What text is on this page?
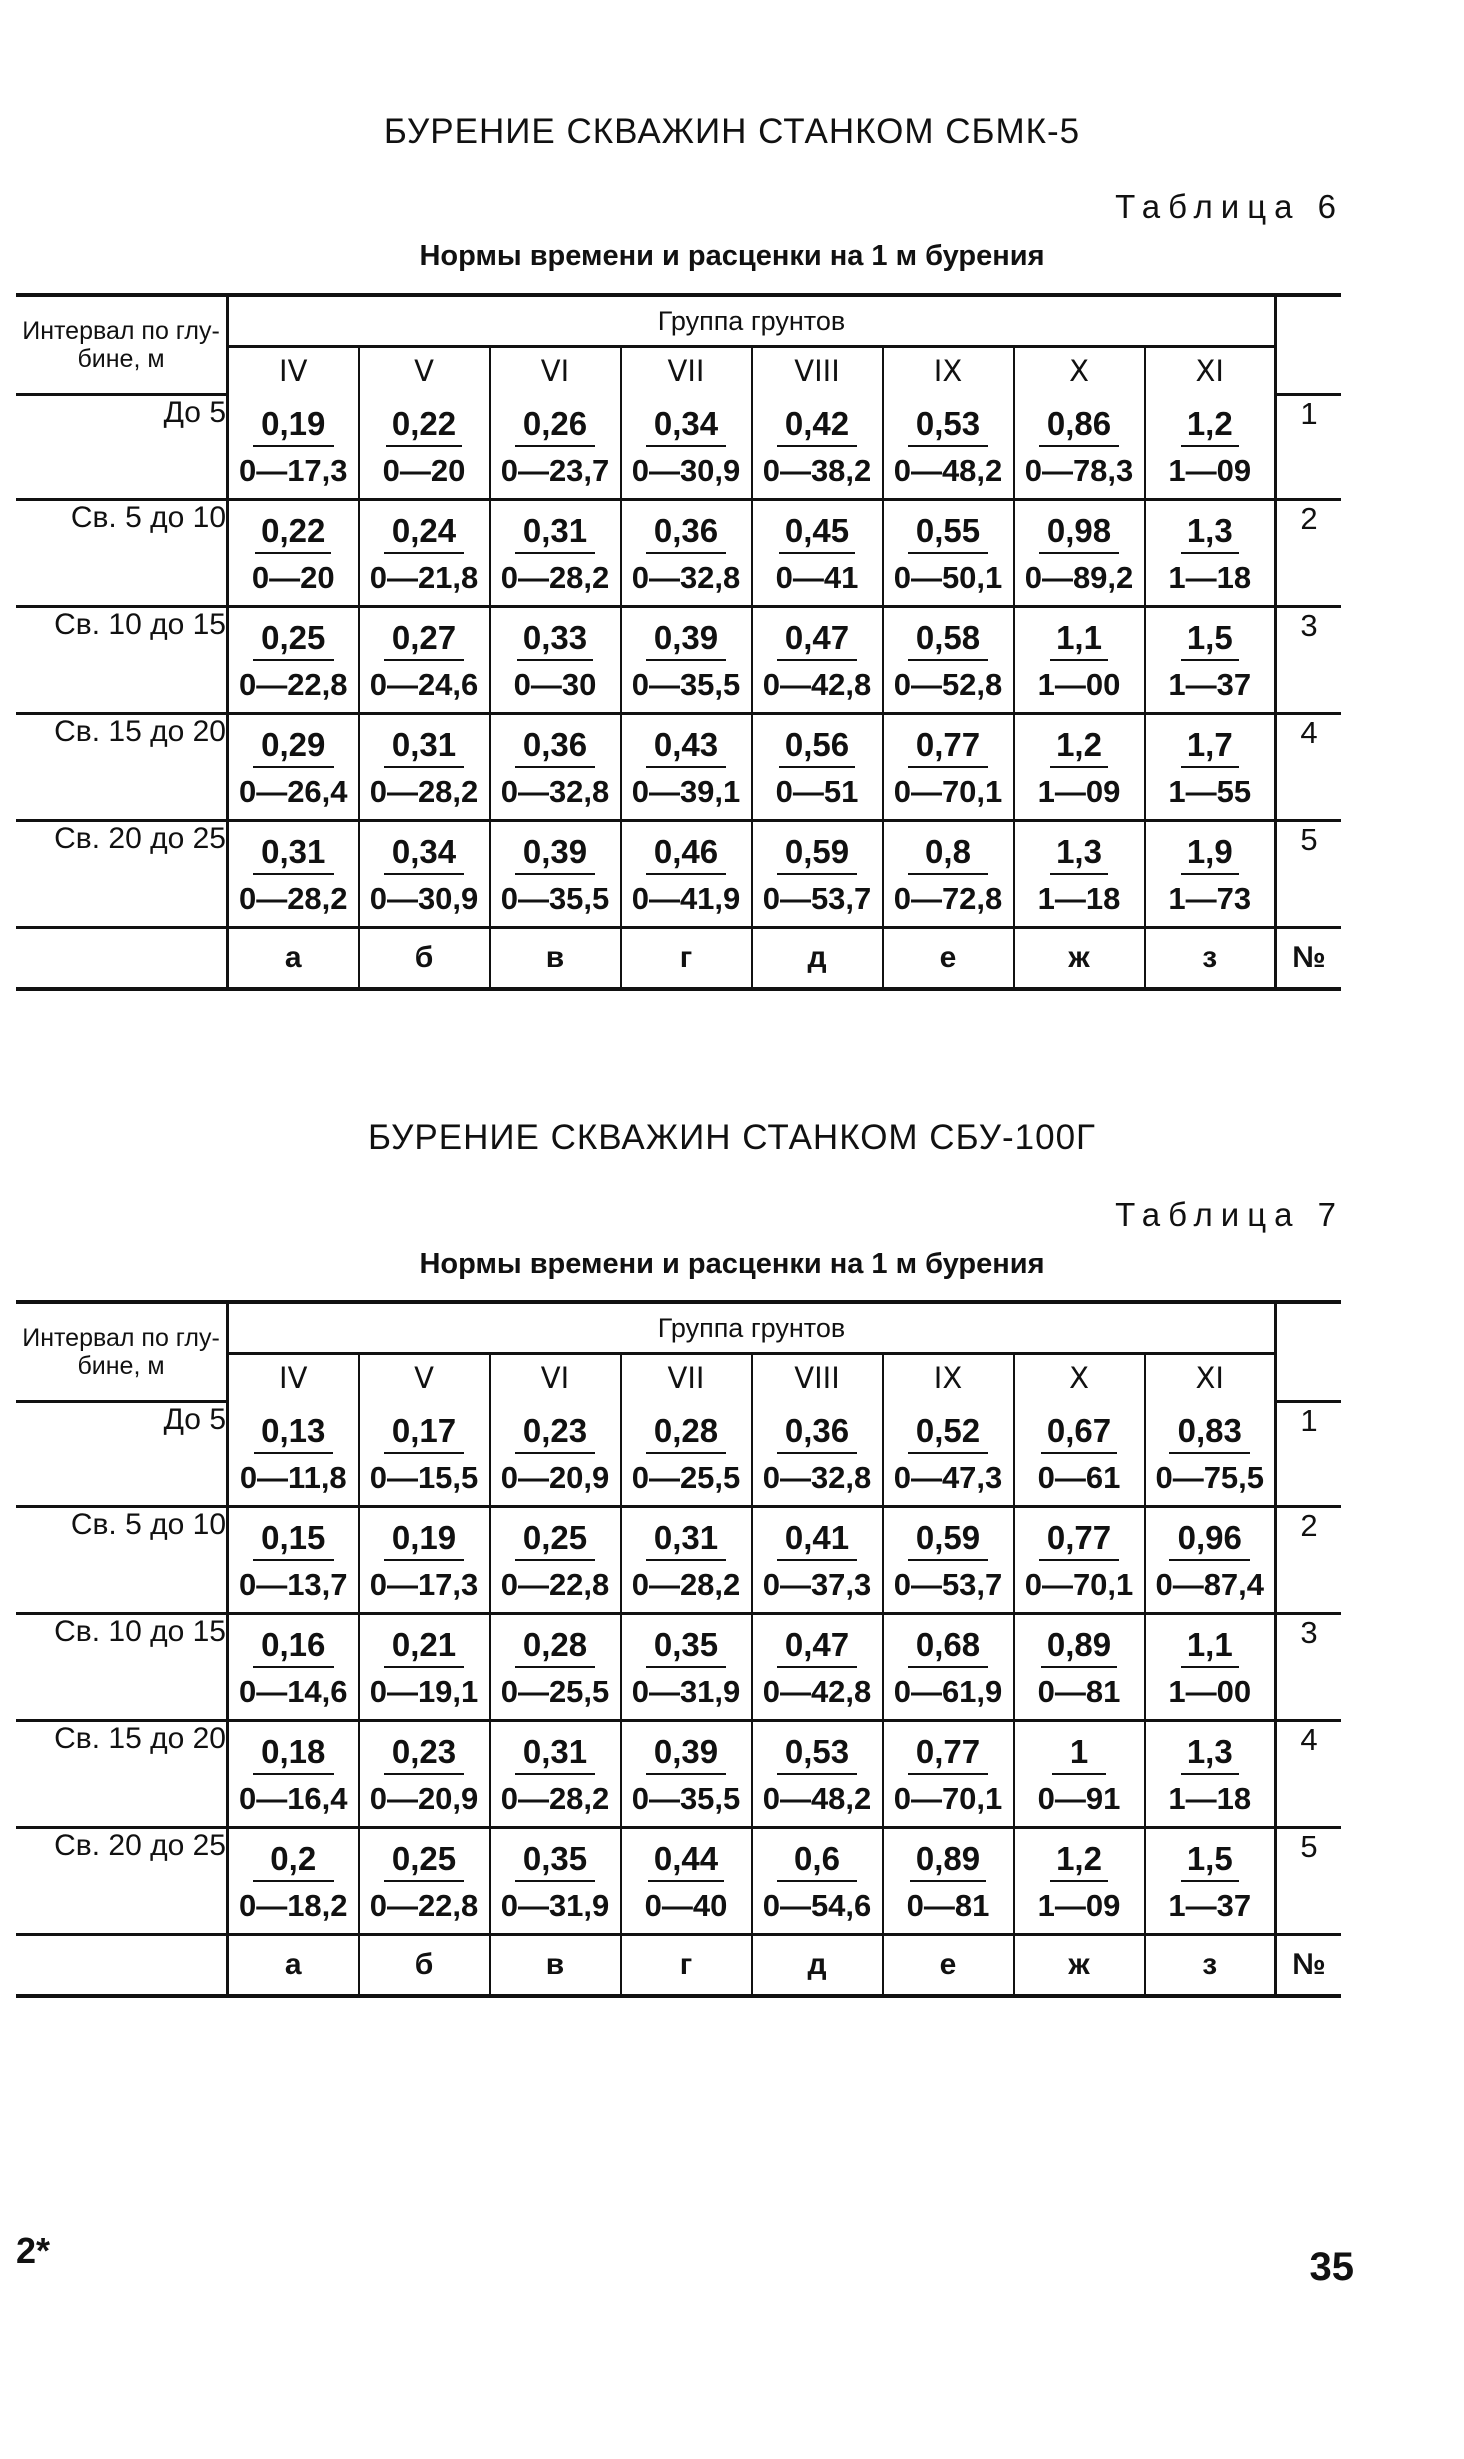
БУРЕНИЕ СКВАЖИН СТАНКОМ СБМК-5
Таблица 6
Нормы времени и расценки на 1 м бурения
Интервал по глу-бине, м	Группа грунтов								
	IV	V	VI	VII	VIII	IX	X	XI	
До 5	$\frac{0,19}{0—17,3}$	$\frac{0,22}{0—20}$	$\frac{0,26}{0—23,7}$	$\frac{0,34}{0—30,9}$	$\frac{0,42}{0—38,2}$	$\frac{0,53}{0—48,2}$	$\frac{0,86}{0—78,3}$	$\frac{1,2}{1—09}$	1
Св. 5 до 10	$\frac{0,22}{0—20}$	$\frac{0,24}{0—21,8}$	$\frac{0,31}{0—28,2}$	$\frac{0,36}{0—32,8}$	$\frac{0,45}{0—41}$	$\frac{0,55}{0—50,1}$	$\frac{0,98}{0—89,2}$	$\frac{1,3}{1—18}$	2
Св. 10 до 15	$\frac{0,25}{0—22,8}$	$\frac{0,27}{0—24,6}$	$\frac{0,33}{0—30}$	$\frac{0,39}{0—35,5}$	$\frac{0,47}{0—42,8}$	$\frac{0,58}{0—52,8}$	$\frac{1,1}{1—00}$	$\frac{1,5}{1—37}$	3
Св. 15 до 20	$\frac{0,29}{0—26,4}$	$\frac{0,31}{0—28,2}$	$\frac{0,36}{0—32,8}$	$\frac{0,43}{0—39,1}$	$\frac{0,56}{0—51}$	$\frac{0,77}{0—70,1}$	$\frac{1,2}{1—09}$	$\frac{1,7}{1—55}$	4
Св. 20 до 25	$\frac{0,31}{0—28,2}$	$\frac{0,34}{0—30,9}$	$\frac{0,39}{0—35,5}$	$\frac{0,46}{0—41,9}$	$\frac{0,59}{0—53,7}$	$\frac{0,8}{0—72,8}$	$\frac{1,3}{1—18}$	$\frac{1,9}{1—73}$	5
	а	б	в	г	д	е	ж	з	№
БУРЕНИЕ СКВАЖИН СТАНКОМ СБУ-100Г
Таблица 7
Нормы времени и расценки на 1 м бурения
Интервал по глу-бине, м	Группа грунтов								
	IV	V	VI	VII	VIII	IX	X	XI	
До 5	$\frac{0,13}{0—11,8}$	$\frac{0,17}{0—15,5}$	$\frac{0,23}{0—20,9}$	$\frac{0,28}{0—25,5}$	$\frac{0,36}{0—32,8}$	$\frac{0,52}{0—47,3}$	$\frac{0,67}{0—61}$	$\frac{0,83}{0—75,5}$	1
Св. 5 до 10	$\frac{0,15}{0—13,7}$	$\frac{0,19}{0—17,3}$	$\frac{0,25}{0—22,8}$	$\frac{0,31}{0—28,2}$	$\frac{0,41}{0—37,3}$	$\frac{0,59}{0—53,7}$	$\frac{0,77}{0—70,1}$	$\frac{0,96}{0—87,4}$	2
Св. 10 до 15	$\frac{0,16}{0—14,6}$	$\frac{0,21}{0—19,1}$	$\frac{0,28}{0—25,5}$	$\frac{0,35}{0—31,9}$	$\frac{0,47}{0—42,8}$	$\frac{0,68}{0—61,9}$	$\frac{0,89}{0—81}$	$\frac{1,1}{1—00}$	3
Св. 15 до 20	$\frac{0,18}{0—16,4}$	$\frac{0,23}{0—20,9}$	$\frac{0,31}{0—28,2}$	$\frac{0,39}{0—35,5}$	$\frac{0,53}{0—48,2}$	$\frac{0,77}{0—70,1}$	$\frac{1}{0—91}$	$\frac{1,3}{1—18}$	4
Св. 20 до 25	$\frac{0,2}{0—18,2}$	$\frac{0,25}{0—22,8}$	$\frac{0,35}{0—31,9}$	$\frac{0,44}{0—40}$	$\frac{0,6}{0—54,6}$	$\frac{0,89}{0—81}$	$\frac{1,2}{1—09}$	$\frac{1,5}{1—37}$	5
	а	б	в	г	д	е	ж	з	№
2*	35
